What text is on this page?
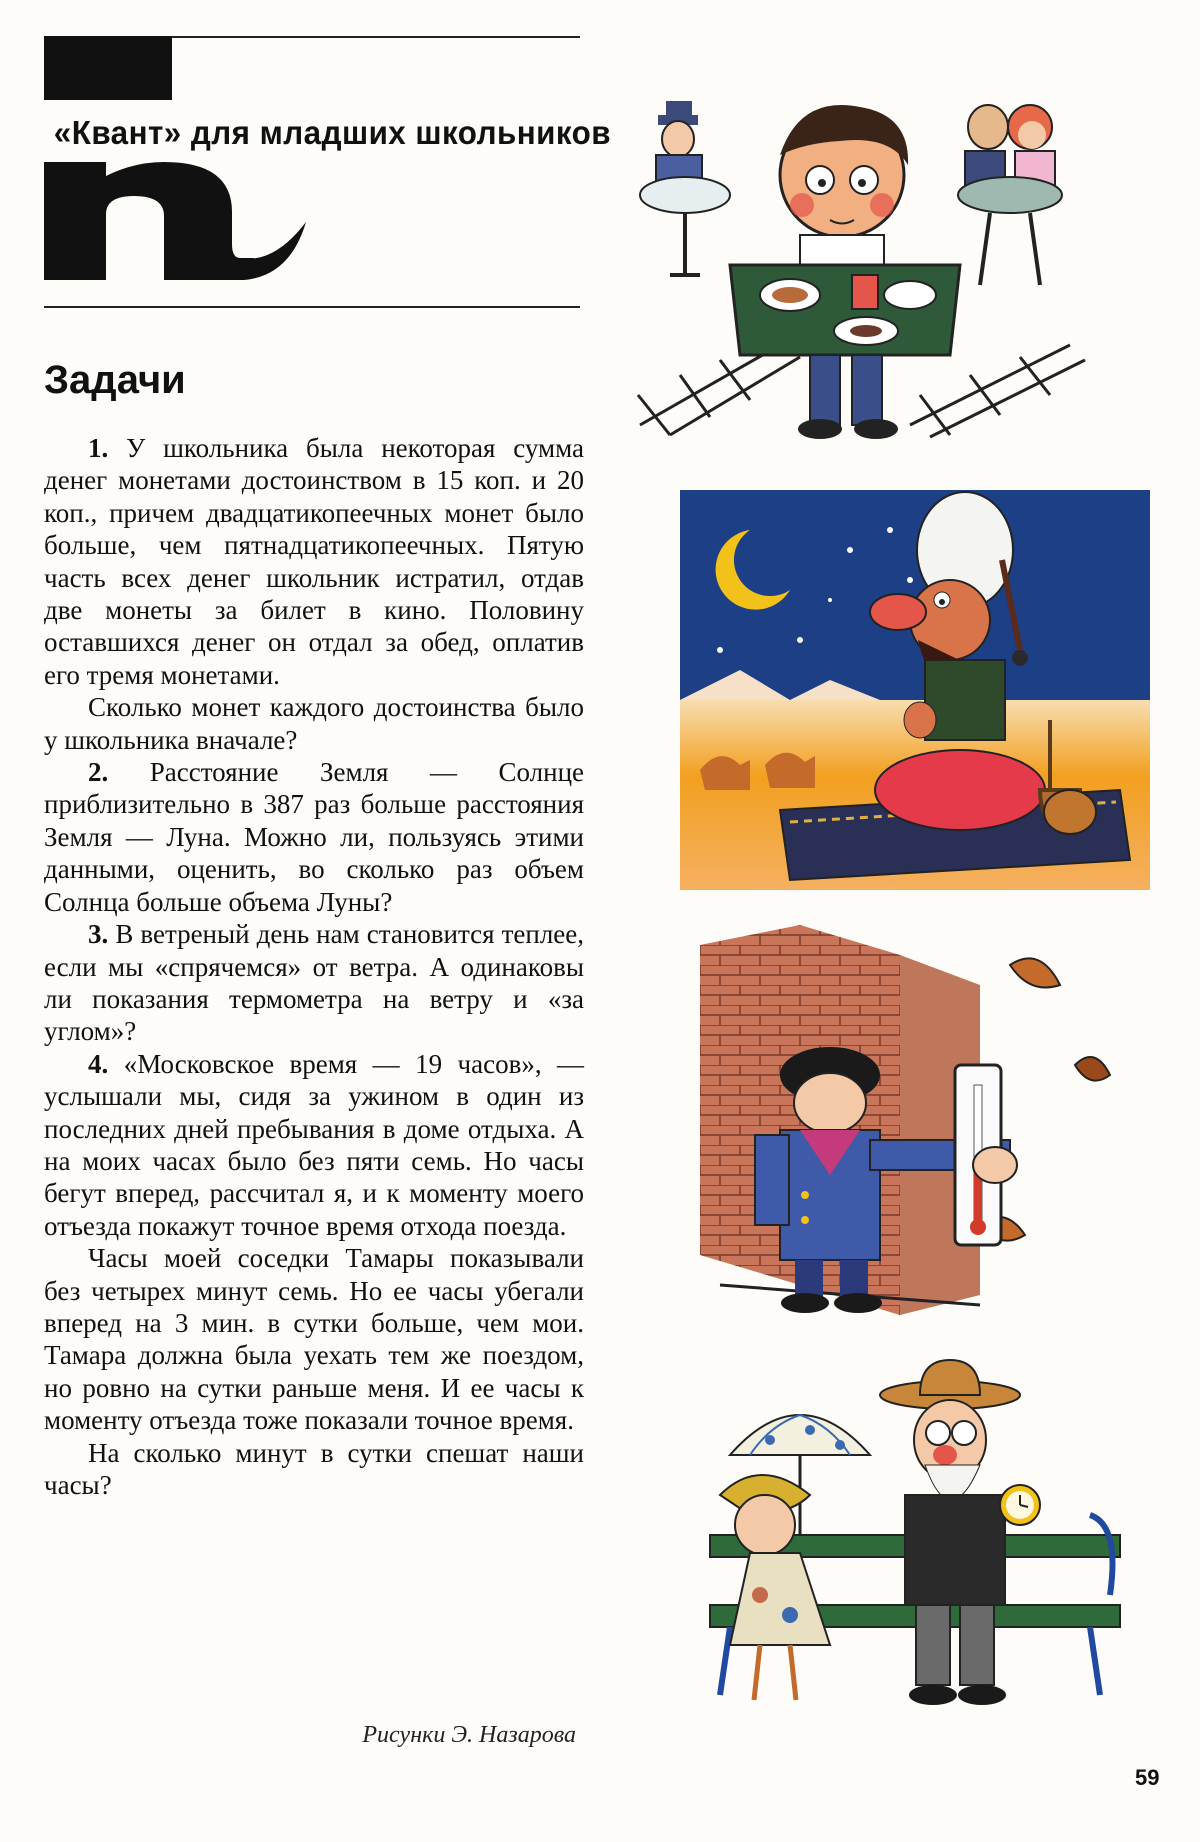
«Квант» для младших школьников
Задачи

1. У школьника была некоторая сумма денег монетами достоинством в 15 коп. и 20 коп., причем двадцатикопеечных монет было больше, чем пятнадцатикопеечных. Пятую часть всех денег школьник истратил, отдав две монеты за билет в кино. Половину оставшихся денег он отдал за обед, оплатив его тремя монетами.

Сколько монет каждого достоинства было у школьника вначале?

2. Расстояние Земля — Солнце приблизительно в 387 раз больше расстояния Земля — Луна. Можно ли, пользуясь этими данными, оценить, во сколько раз объем Солнца больше объема Луны?

3. В ветреный день нам становится теплее, если мы «спрячемся» от ветра. А одинаковы ли показания термометра на ветру и «за углом»?

4. «Московское время — 19 часов», — услышали мы, сидя за ужином в один из последних дней пребывания в доме отдыха. А на моих часах было без пяти семь. Но часы бегут вперед, рассчитал я, и к моменту моего отъезда покажут точное время отхода поезда.

Часы моей соседки Тамары показывали без четырех минут семь. Но ее часы убегали вперед на 3 мин. в сутки больше, чем мои. Тамара должна была уехать тем же поездом, но ровно на сутки раньше меня. И ее часы к моменту отъезда тоже показали точное время.

На сколько минут в сутки спешат наши часы?

Рисунки Э. Назарова
59
